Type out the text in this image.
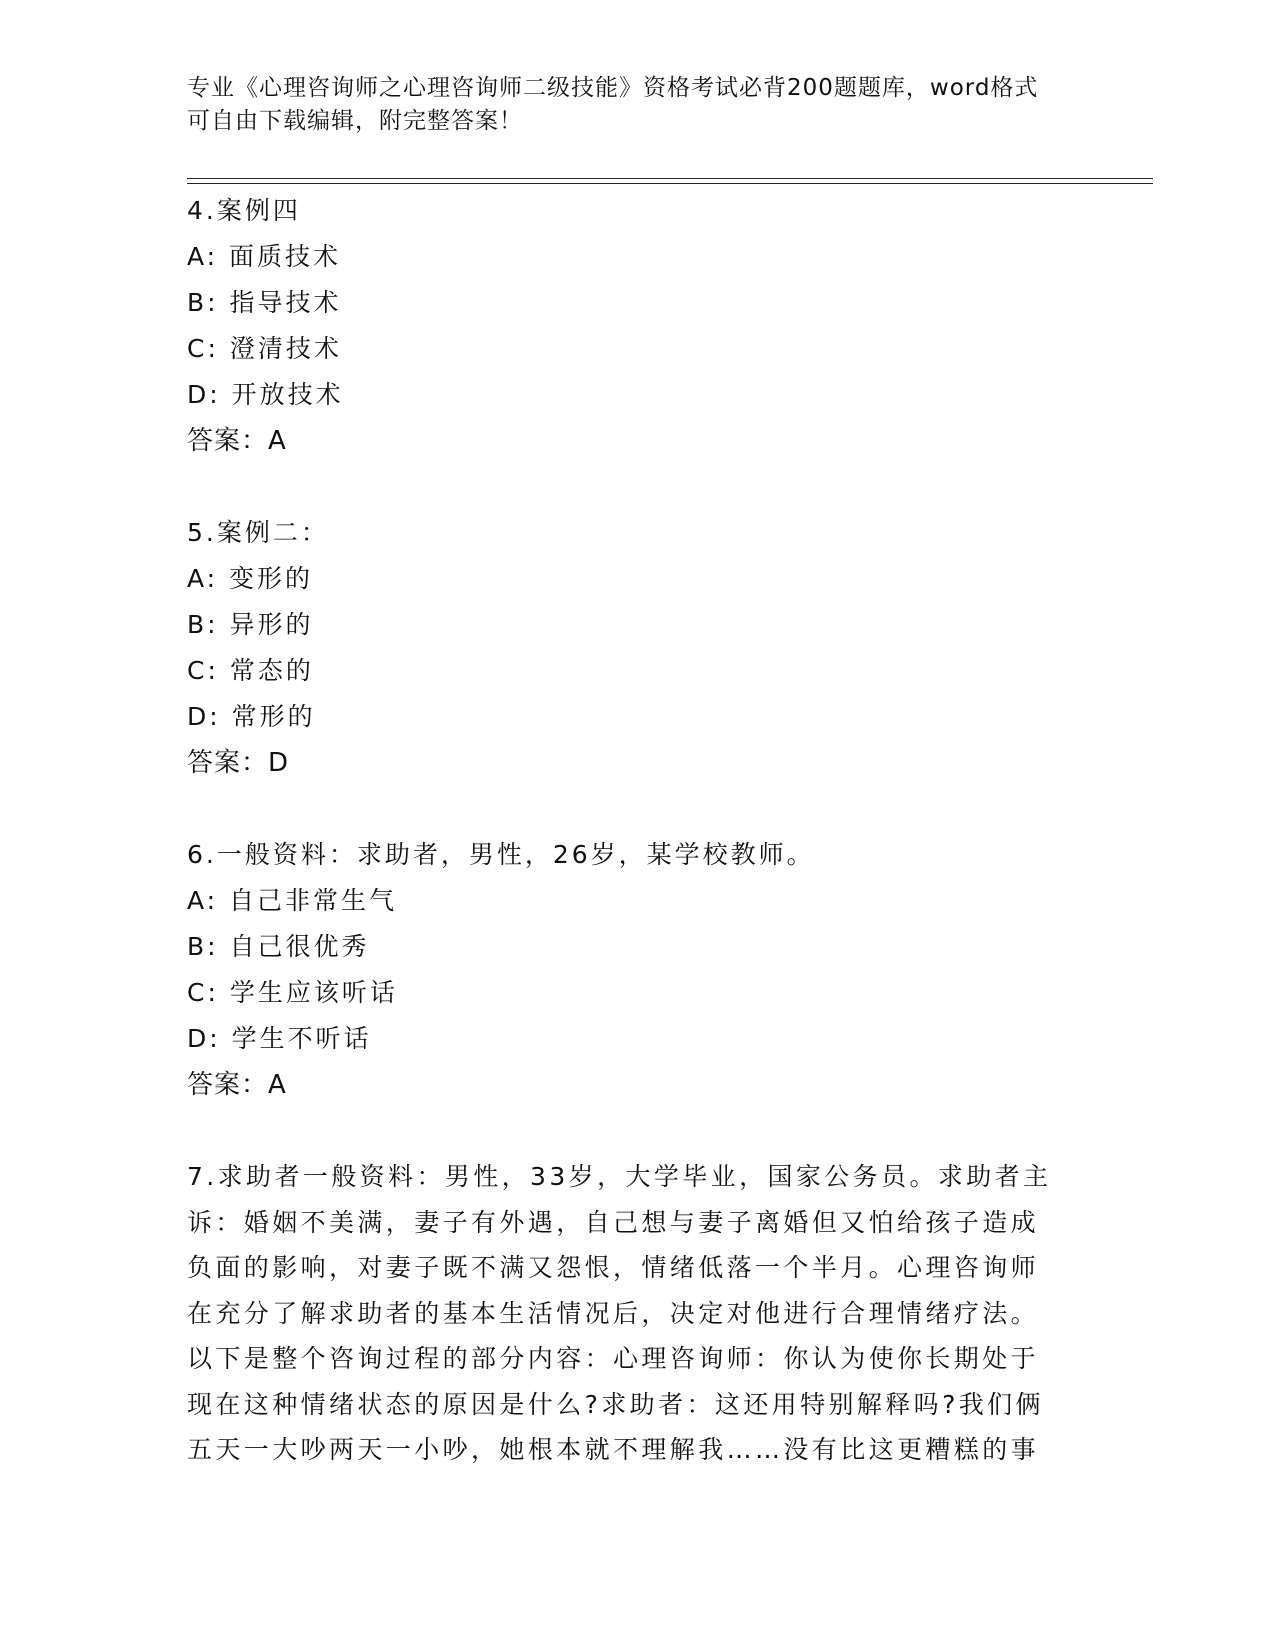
专业《心理咨询师之心理咨询师二级技能》资格考试必背200题题库，word格式
可自由下载编辑，附完整答案！
4.案例四
A: 面质技术
B: 指导技术
C: 澄清技术
D: 开放技术
答案：A
5.案例二：
A: 变形的
B: 异形的
C: 常态的
D: 常形的
答案：D
6.一般资料：求助者，男性，26岁，某学校教师。
A: 自己非常生气
B: 自己很优秀
C: 学生应该听话
D: 学生不听话
答案：A
7.求助者一般资料：男性，33岁，大学毕业，国家公务员。求助者主
诉：婚姻不美满，妻子有外遇，自己想与妻子离婚但又怕给孩子造成
负面的影响，对妻子既不满又怨恨，情绪低落一个半月。心理咨询师
在充分了解求助者的基本生活情况后，决定对他进行合理情绪疗法。
以下是整个咨询过程的部分内容：心理咨询师：你认为使你长期处于
现在这种情绪状态的原因是什么?求助者：这还用特别解释吗?我们俩
五天一大吵两天一小吵，她根本就不理解我……没有比这更糟糕的事
